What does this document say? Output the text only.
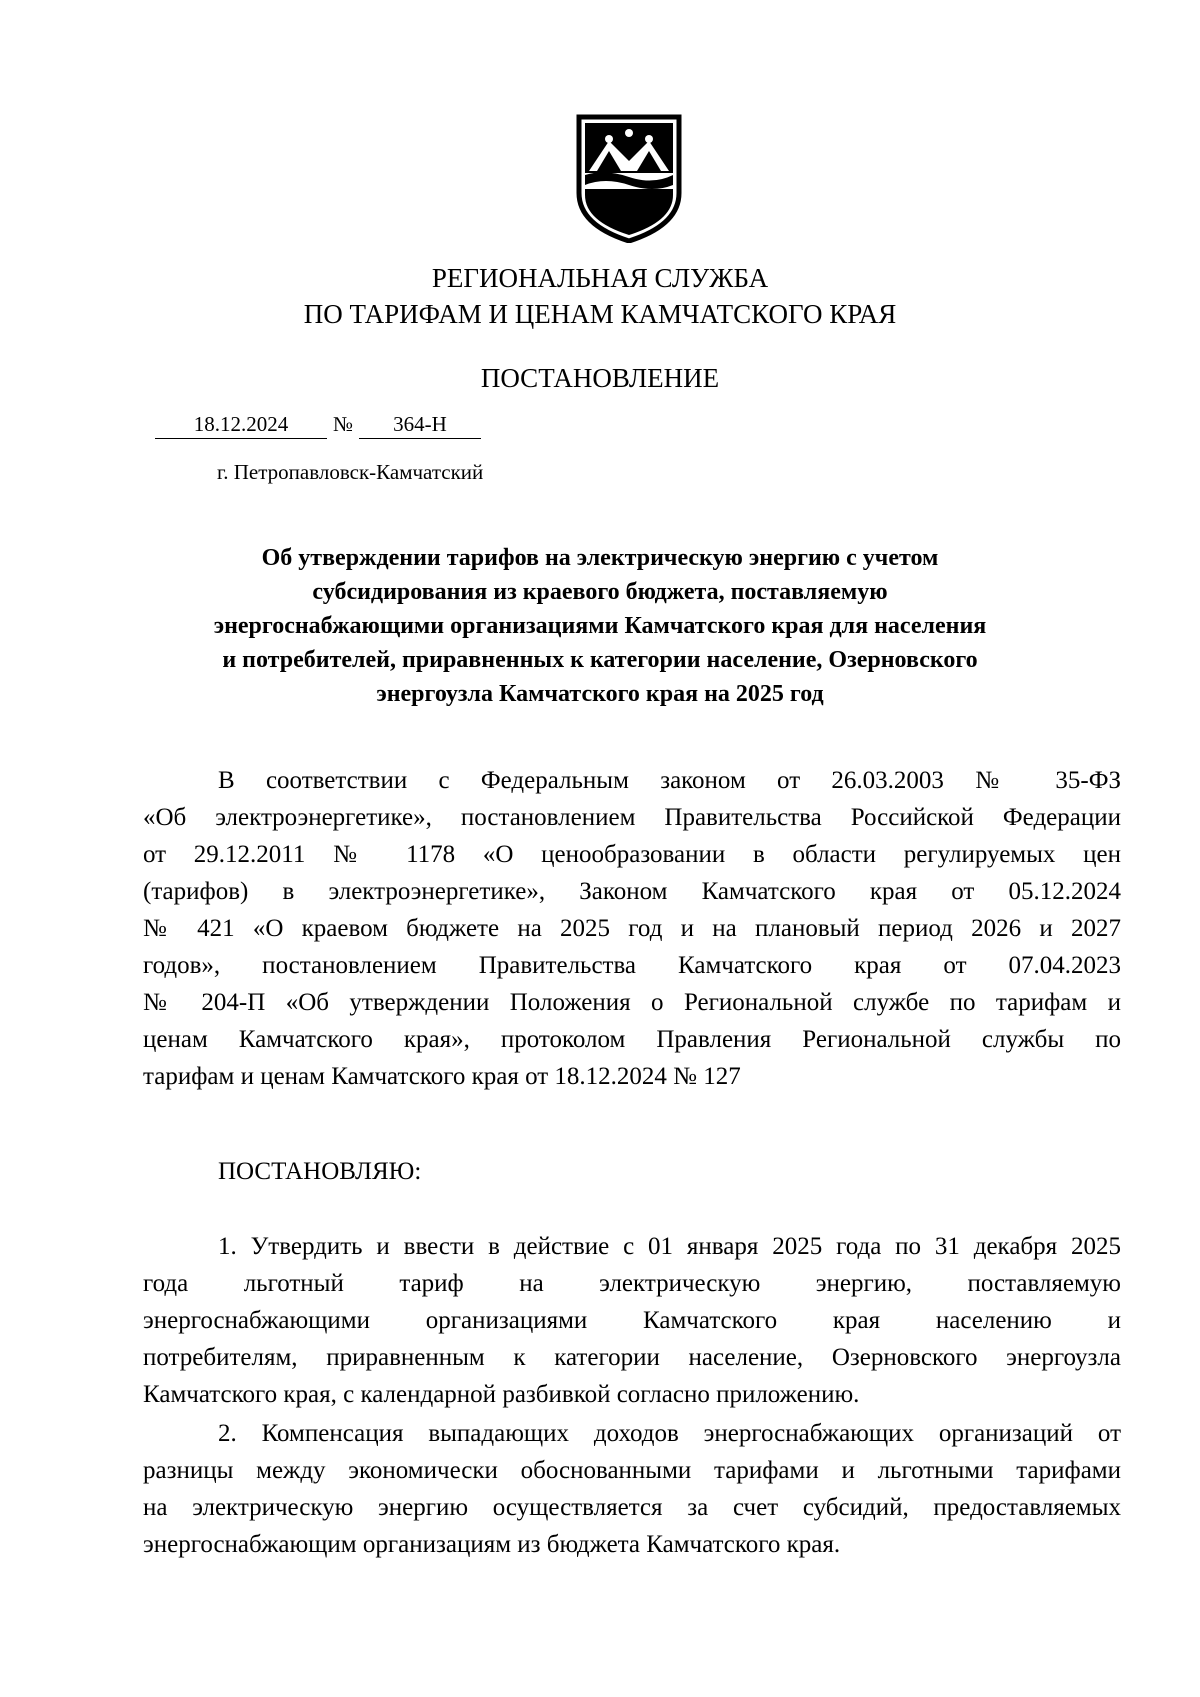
РЕГИОНАЛЬНАЯ СЛУЖБА
ПО ТАРИФАМ И ЦЕНАМ КАМЧАТСКОГО КРАЯ
ПОСТАНОВЛЕНИЕ
18.12.2024	№	364-Н
г. Петропавловск-Камчатский
Об утверждении тарифов на электрическую энергию с учетом
субсидирования из краевого бюджета, поставляемую
энергоснабжающими организациями Камчатского края для населения
и потребителей, приравненных к категории население, Озерновского
энергоузла Камчатского края на 2025 год
В соответствии с Федеральным законом от 26.03.2003 № 35-ФЗ
«Об электроэнергетике», постановлением Правительства Российской Федерации
от 29.12.2011 № 1178 «О ценообразовании в области регулируемых цен
(тарифов) в электроэнергетике», Законом Камчатского края от 05.12.2024
№ 421 «О краевом бюджете на 2025 год и на плановый период 2026 и 2027
годов», постановлением Правительства Камчатского края от 07.04.2023
№ 204-П «Об утверждении Положения о Региональной службе по тарифам и
ценам Камчатского края», протоколом Правления Региональной службы по
тарифам и ценам Камчатского края от 18.12.2024 № 127
ПОСТАНОВЛЯЮ:
1. Утвердить и ввести в действие с 01 января 2025 года по 31 декабря 2025
года льготный тариф на электрическую энергию, поставляемую
энергоснабжающими организациями Камчатского края населению и
потребителям, приравненным к категории население, Озерновского энергоузла
Камчатского края, с календарной разбивкой согласно приложению.
2. Компенсация выпадающих доходов энергоснабжающих организаций от
разницы между экономически обоснованными тарифами и льготными тарифами
на электрическую энергию осуществляется за счет субсидий, предоставляемых
энергоснабжающим организациям из бюджета Камчатского края.
